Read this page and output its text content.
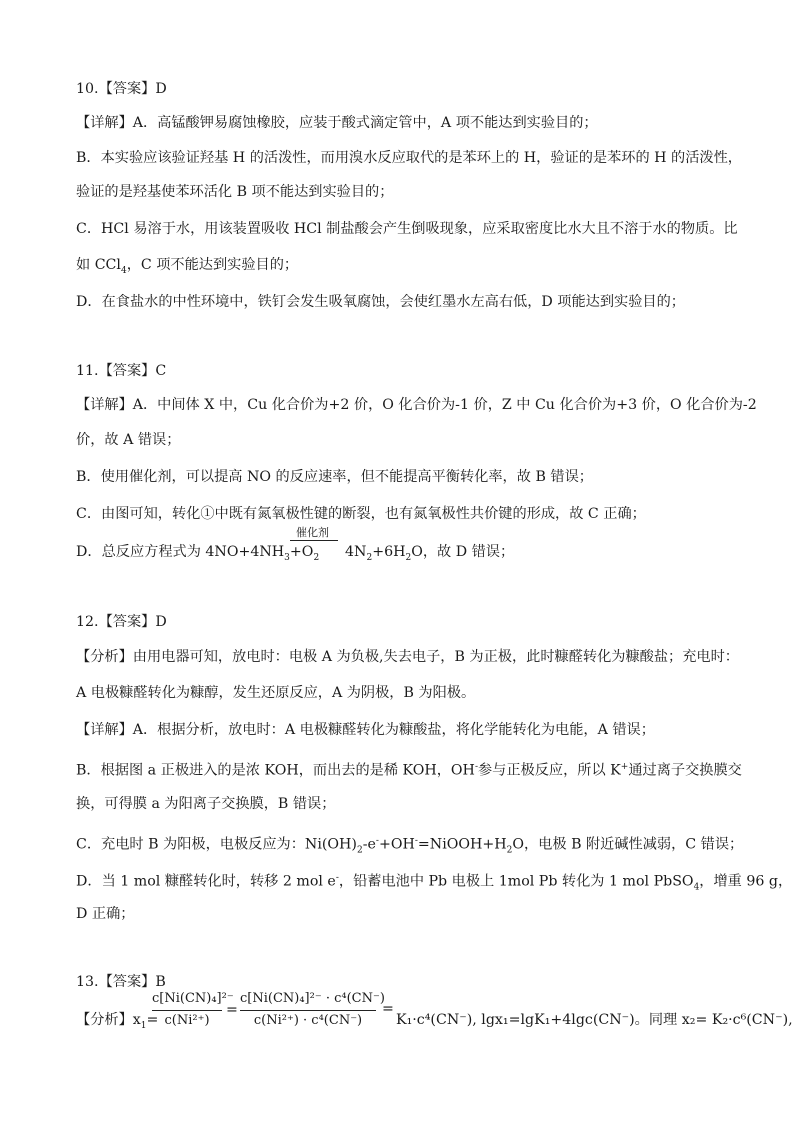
10.【答案】D
【详解】A．高锰酸钾易腐蚀橡胶，应装于酸式滴定管中，A 项不能达到实验目的；
B．本实验应该验证羟基 H 的活泼性，而用溴水反应取代的是苯环上的 H，验证的是苯环的 H 的活泼性，
验证的是羟基使苯环活化 B 项不能达到实验目的；
C．HCl 易溶于水，用该装置吸收 HCl 制盐酸会产生倒吸现象，应采取密度比水大且不溶于水的物质。比
如 CCl$_4$，C 项不能达到实验目的；
D．在食盐水的中性环境中，铁钉会发生吸氧腐蚀，会使红墨水左高右低，D 项能达到实验目的；
11.【答案】C
【详解】A．中间体 X 中，Cu 化合价为+2 价，O 化合价为-1 价，Z 中 Cu 化合价为+3 价，O 化合价为-2
价，故 A 错误；
B．使用催化剂，可以提高 NO 的反应速率，但不能提高平衡转化率，故 B 错误；
C．由图可知，转化①中既有氮氧极性键的断裂，也有氮氧极性共价键的形成，故 C 正确；
催化剂
D．总反应方程式为 $4NO+4NH_3+O_2$ $4N_2+6H_2O$，故 D 错误；
12.【答案】D
【分析】由用电器可知，放电时：电极 A 为负极,失去电子，B 为正极，此时糠醛转化为糠酸盐；充电时：
A 电极糠醛转化为糠醇，发生还原反应，A 为阴极，B 为阳极。
【详解】A．根据分析，放电时：A 电极糠醛转化为糠酸盐，将化学能转化为电能，A 错误；
B．根据图 a 正极进入的是浓 KOH，而出去的是稀 KOH，OH-参与正极反应，所以 K+通过离子交换膜交
换，可得膜 a 为阳离子交换膜，B 错误；
C．充电时 B 为阳极，电极反应为：$Ni(OH)_2-e^-+OH^-=NiOOH+H_2O$，电极 B 附近碱性减弱，C 错误；
D．当 1 mol 糠醛转化时，转移 2 mol e-，铅蓄电池中 Pb 电极上 1mol Pb 转化为 1 mol PbSO$_4$，增重 96 g，
D 正确；
13.【答案】B
【分析】$x_1=$
c[Ni(CN)₄]²⁻
c(Ni²⁺)
=
c[Ni(CN)₄]²⁻ · c⁴(CN⁻)
c(Ni²⁺) · c⁴(CN⁻)
=
K₁·c⁴(CN⁻), lgx₁=lgK₁+4lgc(CN⁻)。同理 x₂= K₂·c⁶(CN⁻),
